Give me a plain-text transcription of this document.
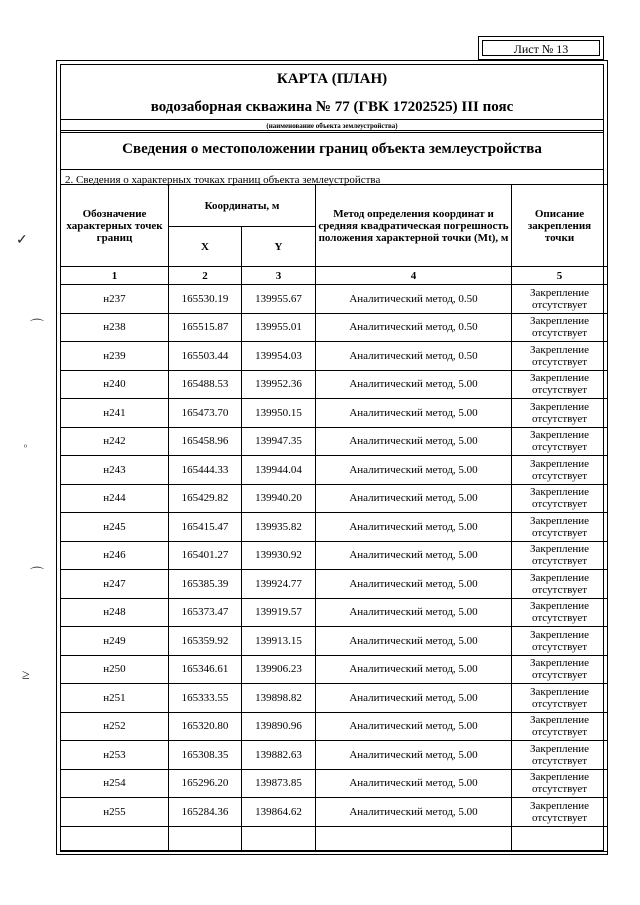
Лист № 13
КАРТА (ПЛАН)
водозаборная скважина № 77 (ГВК 17202525) III пояс
(наименование объекта землеустройства)
Сведения о местоположении границ объекта землеустройства
2. Сведения о характерных точках границ объекта землеустройства
Обозначение характерных точек границ	Координаты, м		Метод определения координат и средняя квадратическая погрешность положения характерной точки (Mt), м	Описание закрепления точки
	X	Y		
1	2	3	4	5
н237	165530.19	139955.67	Аналитический метод, 0.50	Закрепление отсутствует
н238	165515.87	139955.01	Аналитический метод, 0.50	Закрепление отсутствует
н239	165503.44	139954.03	Аналитический метод, 0.50	Закрепление отсутствует
н240	165488.53	139952.36	Аналитический метод, 5.00	Закрепление отсутствует
н241	165473.70	139950.15	Аналитический метод, 5.00	Закрепление отсутствует
н242	165458.96	139947.35	Аналитический метод, 5.00	Закрепление отсутствует
н243	165444.33	139944.04	Аналитический метод, 5.00	Закрепление отсутствует
н244	165429.82	139940.20	Аналитический метод, 5.00	Закрепление отсутствует
н245	165415.47	139935.82	Аналитический метод, 5.00	Закрепление отсутствует
н246	165401.27	139930.92	Аналитический метод, 5.00	Закрепление отсутствует
н247	165385.39	139924.77	Аналитический метод, 5.00	Закрепление отсутствует
н248	165373.47	139919.57	Аналитический метод, 5.00	Закрепление отсутствует
н249	165359.92	139913.15	Аналитический метод, 5.00	Закрепление отсутствует
н250	165346.61	139906.23	Аналитический метод, 5.00	Закрепление отсутствует
н251	165333.55	139898.82	Аналитический метод, 5.00	Закрепление отсутствует
н252	165320.80	139890.96	Аналитический метод, 5.00	Закрепление отсутствует
н253	165308.35	139882.63	Аналитический метод, 5.00	Закрепление отсутствует
н254	165296.20	139873.85	Аналитический метод, 5.00	Закрепление отсутствует
н255	165284.36	139864.62	Аналитический метод, 5.00	Закрепление отсутствует

✓
⌒
ᵒ
⌒
≥
